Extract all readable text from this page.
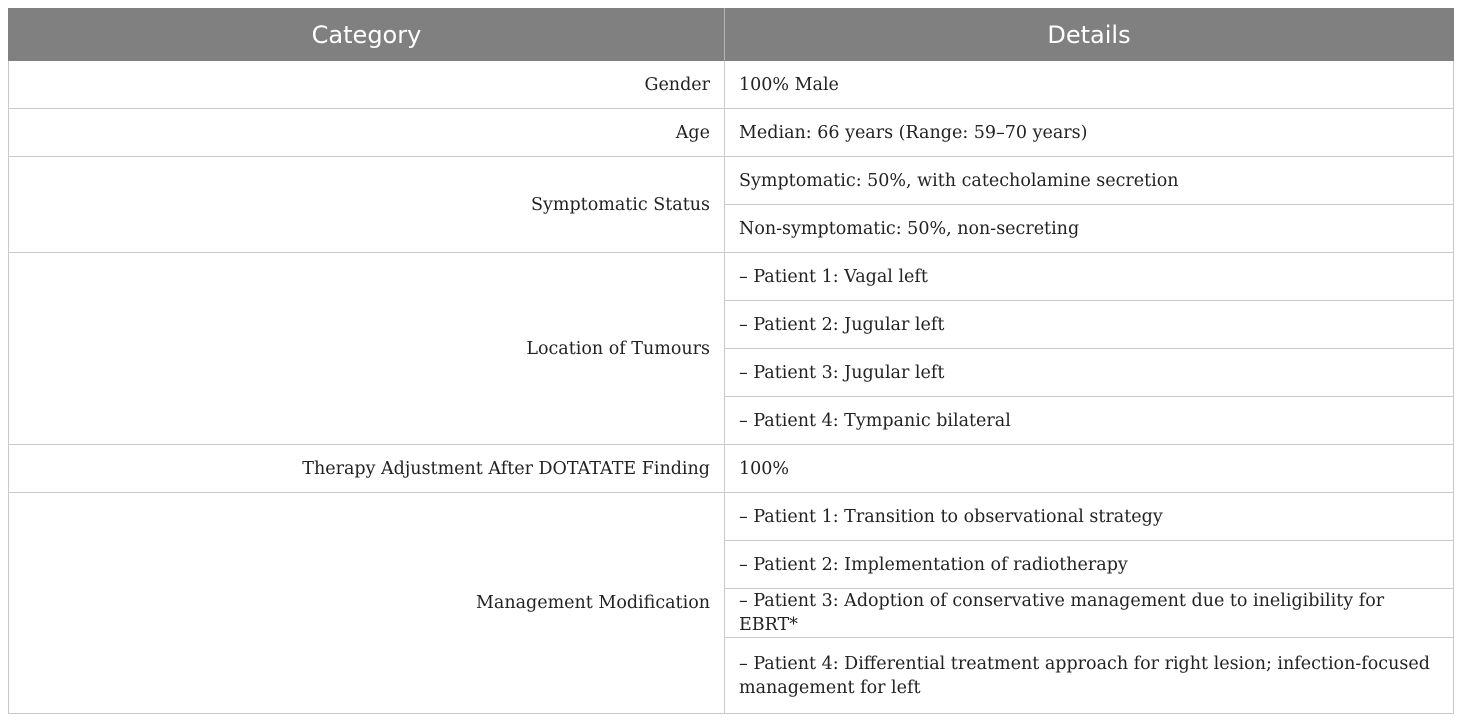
Category	Details
Gender	100% Male
Age	Median: 66 years (Range: 59–70 years)
Symptomatic Status	Symptomatic: 50%, with catecholamine secretion
	Non-symptomatic: 50%, non-secreting
Location of Tumours	– Patient 1: Vagal left
	– Patient 2: Jugular left
	– Patient 3: Jugular left
	– Patient 4: Tympanic bilateral
Therapy Adjustment After DOTATATE Finding	100%
Management Modification	– Patient 1: Transition to observational strategy
	– Patient 2: Implementation of radiotherapy
	– Patient 3: Adoption of conservative management due to ineligibility for EBRT*
	– Patient 4: Differential treatment approach for right lesion; infection-focused management for left
